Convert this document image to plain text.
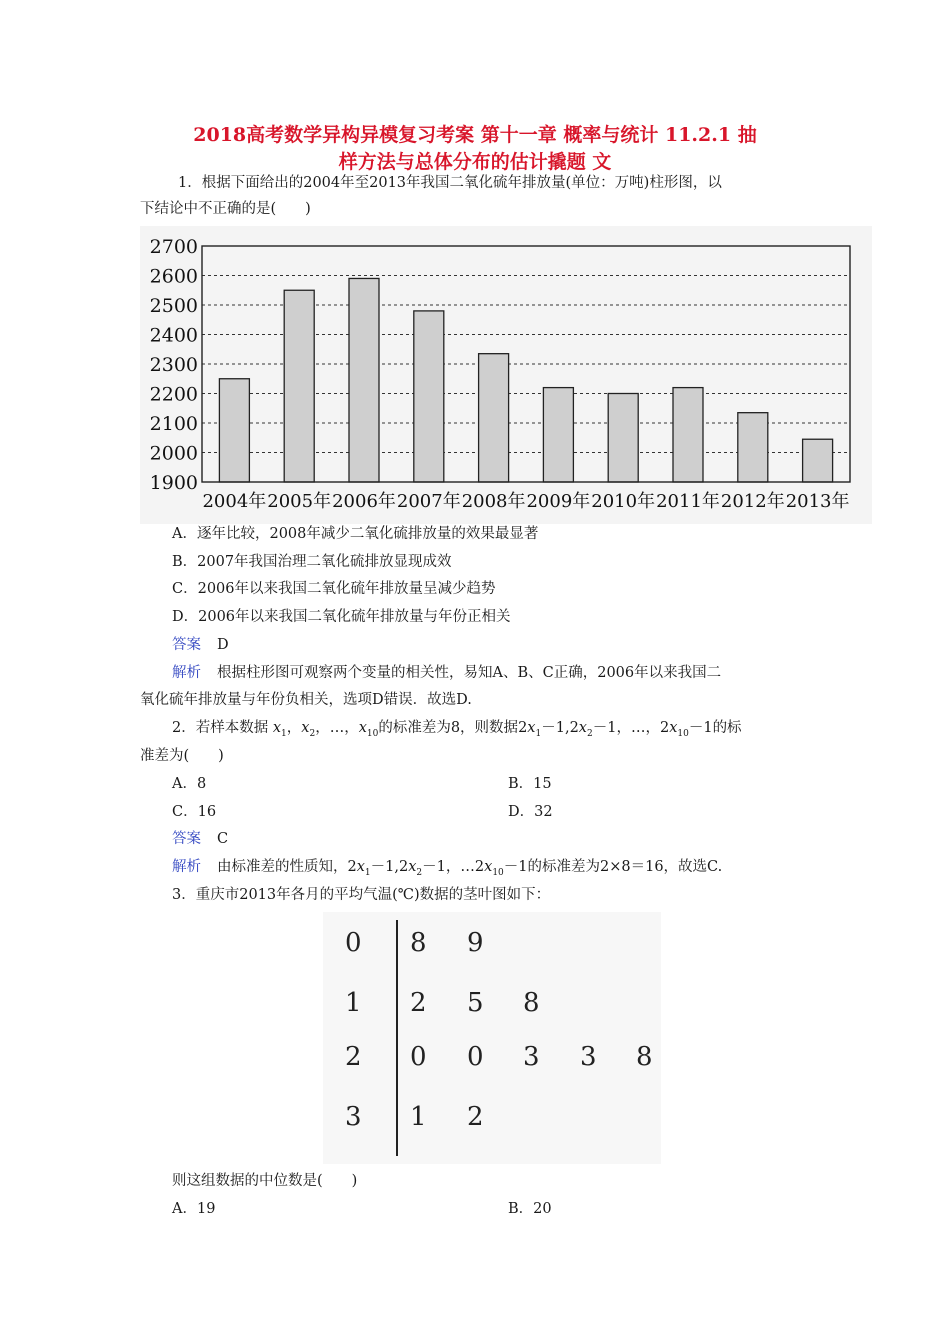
2018高考数学异构异模复习考案 第十一章 概率与统计 11.2.1 抽
样方法与总体分布的估计撬题 文
1．根据下面给出的2004年至2013年我国二氧化硫年排放量(单位：万吨)柱形图，以
下结论中不正确的是(　　)
1900
2000
2100
2200
2300
2400
2500
2600
2700
2004年 2005年 2006年 2007年 2008年 2009年 2010年 2011年 2012年 2013年
A．逐年比较，2008年减少二氧化硫排放量的效果最显著
B．2007年我国治理二氧化硫排放显现成效
C．2006年以来我国二氧化硫年排放量呈减少趋势
D．2006年以来我国二氧化硫年排放量与年份正相关
答案 D
解析 根据柱形图可观察两个变量的相关性，易知A、B、C正确，2006年以来我国二
氧化硫年排放量与年份负相关，选项D错误．故选D.
2．若样本数据 $x_1$，$x_2$，…，$x_{10}$的标准差为8，则数据$2x_1-1,2x_2-1$，…，$2x_{10}-1$的标
准差为(　　)
A．8	B．15
C．16	D．32
答案 C
解析 由标准差的性质知，$2x_1-1,2x_2-1$，$\dots 2x_{10}-1$的标准差为2×8＝16，故选C.
3．重庆市2013年各月的平均气温(℃)数据的茎叶图如下：
0 8 9
1 2 5 8
2 0 0 3 3 8
3 1 2
则这组数据的中位数是(　　)
A．19	B．20
